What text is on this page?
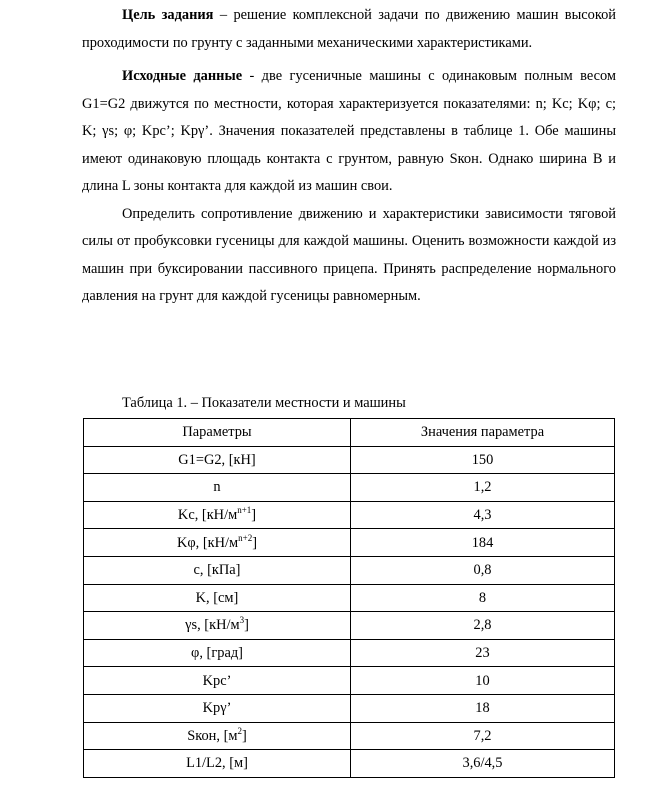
Цель задания – решение комплексной задачи по движению машин высокой проходимости по грунту с заданными механическими характеристиками.

Исходные данные - две гусеничные машины с одинаковым полным весом G1=G2 движутся по местности, которая характеризуется показателями: n; Kc; Kφ; c; K; γs; φ; Kpc’; Kpγ’. Значения показателей представлены в таблице 1. Обе машины имеют одинаковую площадь контакта с грунтом, равную Sкон. Однако ширина B и длина L зоны контакта для каждой из машин свои.

Определить сопротивление движению и характеристики зависимости тяговой силы от пробуксовки гусеницы для каждой машины. Оценить возможности каждой из машин при буксировании пассивного прицепа. Принять распределение нормального давления на грунт для каждой гусеницы равномерным.

Таблица 1. – Показатели местности и машины
Параметры	Значения параметра
G1=G2, [кН]	150
n	1,2
Kc, $[кН/м^{n+1}]$	4,3
Kφ, $[кН/м^{n+2}]$	184
c, [кПа]	0,8
K, [см]	8
γs, $[кН/м^3]$	2,8
φ, [град]	23
Kpc’	10
Kpγ’	18
Sкон, $[м^2]$	7,2
L1/L2, [м]	3,6/4,5
